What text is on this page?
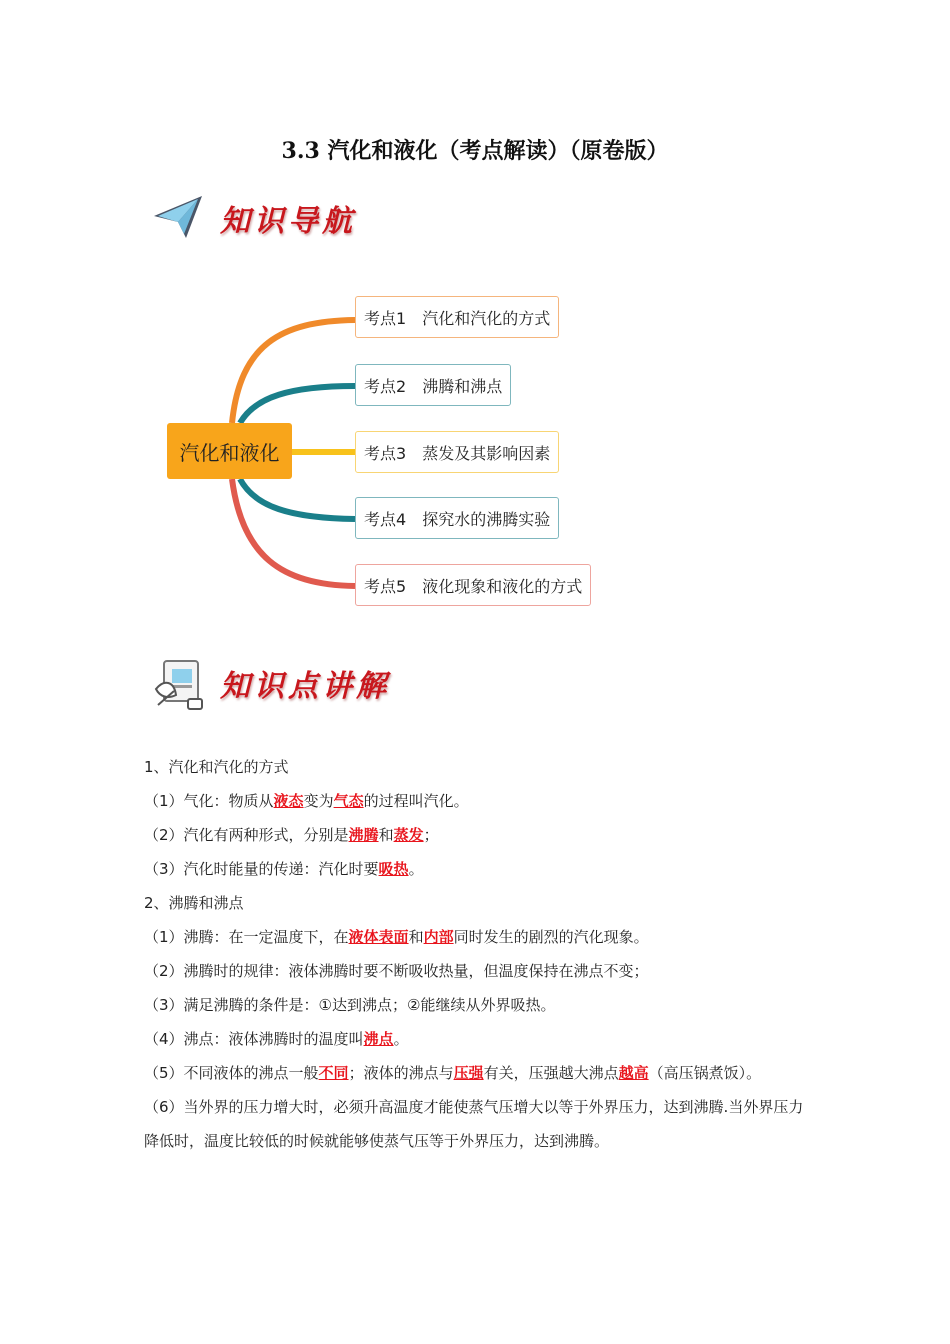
3.3 汽化和液化（考点解读）（原卷版）
知识导航
汽化和液化
考点1 汽化和汽化的方式
考点2 沸腾和沸点
考点3 蒸发及其影响因素
考点4 探究水的沸腾实验
考点5 液化现象和液化的方式
知识点讲解
1、汽化和汽化的方式
（1）气化：物质从液态变为气态的过程叫汽化。
（2）汽化有两种形式，分别是沸腾和蒸发；
（3）汽化时能量的传递：汽化时要吸热。
2、沸腾和沸点
（1）沸腾：在一定温度下，在液体表面和内部同时发生的剧烈的汽化现象。
（2）沸腾时的规律：液体沸腾时要不断吸收热量，但温度保持在沸点不变；
（3）满足沸腾的条件是：①达到沸点；②能继续从外界吸热。
（4）沸点：液体沸腾时的温度叫沸点。
（5）不同液体的沸点一般不同；液体的沸点与压强有关，压强越大沸点越高（高压锅煮饭）。
（6）当外界的压力增大时，必须升高温度才能使蒸气压增大以等于外界压力，达到沸腾.当外界压力降低时，温度比较低的时候就能够使蒸气压等于外界压力，达到沸腾。
